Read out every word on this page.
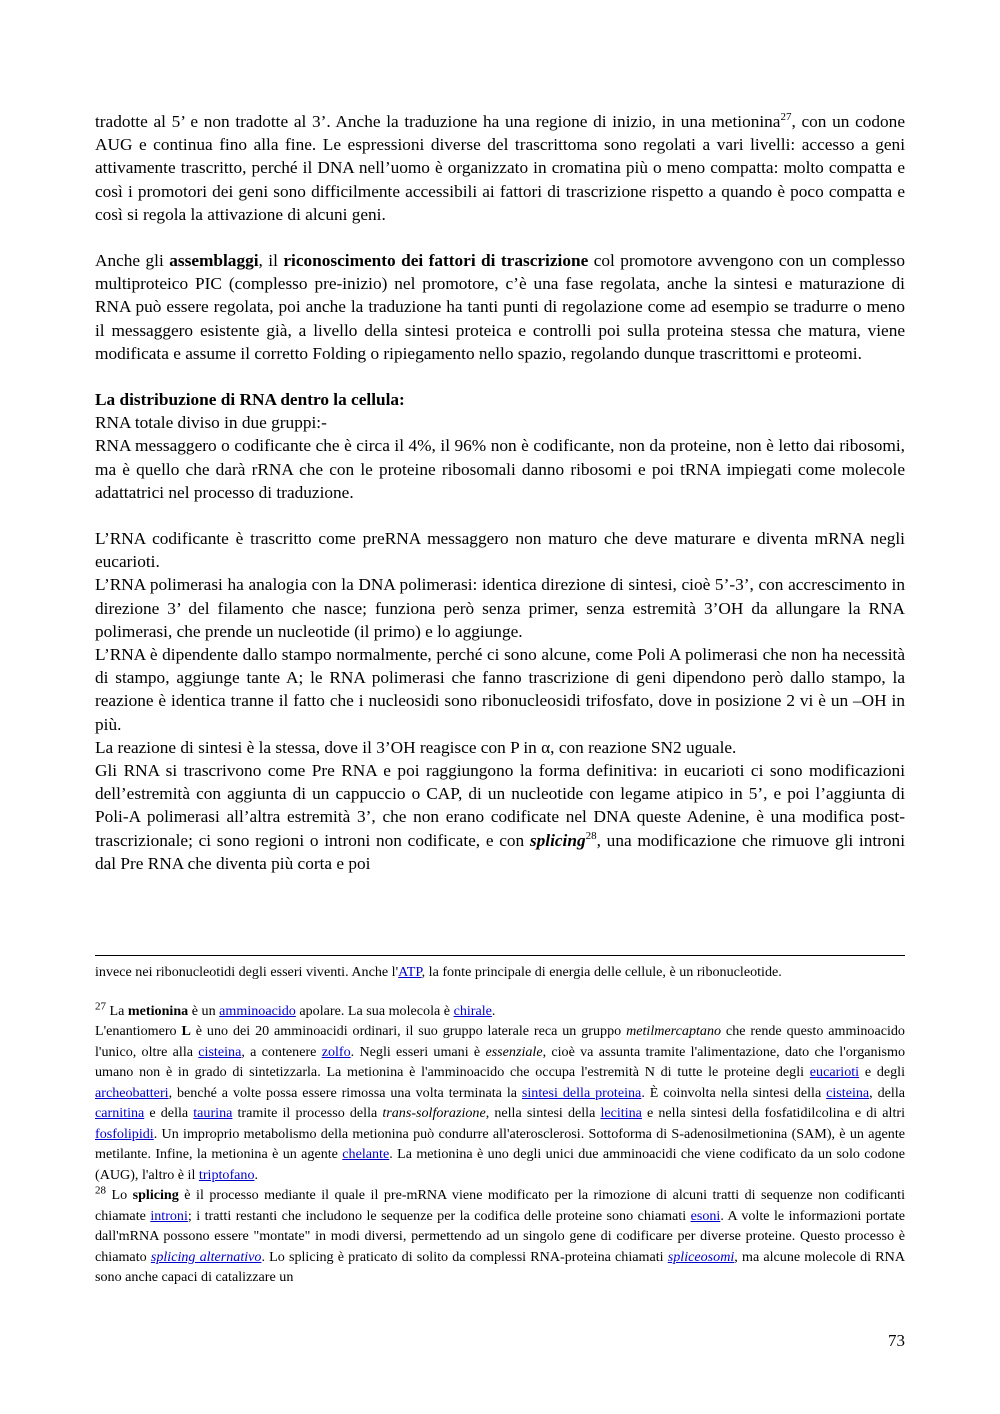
tradotte al 5’ e non tradotte al 3’. Anche la traduzione ha una regione di inizio, in una metionina$^{27}$, con un codone AUG e continua fino alla fine. Le espressioni diverse del trascrittoma sono regolati a vari livelli: accesso a geni attivamente trascritto, perché il DNA nell’uomo è organizzato in cromatina più o meno compatta: molto compatta e così i promotori dei geni sono difficilmente accessibili ai fattori di trascrizione rispetto a quando è poco compatta e così si regola la attivazione di alcuni geni.

Anche gli assemblaggi, il riconoscimento dei fattori di trascrizione col promotore avvengono con un complesso multiproteico PIC (complesso pre-inizio) nel promotore, c’è una fase regolata, anche la sintesi e maturazione di RNA può essere regolata, poi anche la traduzione ha tanti punti di regolazione come ad esempio se tradurre o meno il messaggero esistente già, a livello della sintesi proteica e controlli poi sulla proteina stessa che matura, viene modificata e assume il corretto Folding o ripiegamento nello spazio, regolando dunque trascrittomi e proteomi.

La distribuzione di RNA dentro la cellula:

RNA totale diviso in due gruppi:-

RNA messaggero o codificante che è circa il 4%, il 96% non è codificante, non da proteine, non è letto dai ribosomi, ma è quello che darà rRNA che con le proteine ribosomali danno ribosomi e poi tRNA impiegati come molecole adattatrici nel processo di traduzione.

L’RNA codificante è trascritto come preRNA messaggero non maturo che deve maturare e diventa mRNA negli eucarioti.

L’RNA polimerasi ha analogia con la DNA polimerasi: identica direzione di sintesi, cioè 5’-3’, con accrescimento in direzione 3’ del filamento che nasce; funziona però senza primer, senza estremità 3’OH da allungare la RNA polimerasi, che prende un nucleotide (il primo) e lo aggiunge.

L’RNA è dipendente dallo stampo normalmente, perché ci sono alcune, come Poli A polimerasi che non ha necessità di stampo, aggiunge tante A; le RNA polimerasi che fanno trascrizione di geni dipendono però dallo stampo, la reazione è identica tranne il fatto che i nucleosidi sono ribonucleosidi trifosfato, dove in posizione 2 vi è un –OH in più.

La reazione di sintesi è la stessa, dove il 3’OH reagisce con P in α, con reazione SN2 uguale.

Gli RNA si trascrivono come Pre RNA e poi raggiungono la forma definitiva: in eucarioti ci sono modificazioni dell’estremità con aggiunta di un cappuccio o CAP, di un nucleotide con legame atipico in 5’, e poi l’aggiunta di Poli-A polimerasi all’altra estremità 3’, che non erano codificate nel DNA queste Adenine, è una modifica post-trascrizionale; ci sono regioni o introni non codificate, e con splicing$^{28}$, una modificazione che rimuove gli introni dal Pre RNA che diventa più corta e poi

invece nei ribonucleotidi degli esseri viventi. Anche l'ATP, la fonte principale di energia delle cellule, è un ribonucleotide.

$^{27}$ La metionina è un amminoacido apolare. La sua molecola è chirale.

L'enantiomero L è uno dei 20 amminoacidi ordinari, il suo gruppo laterale reca un gruppo metilmercaptano che rende questo amminoacido l'unico, oltre alla cisteina, a contenere zolfo. Negli esseri umani è essenziale, cioè va assunta tramite l'alimentazione, dato che l'organismo umano non è in grado di sintetizzarla. La metionina è l'amminoacido che occupa l'estremità N di tutte le proteine degli eucarioti e degli archeobatteri, benché a volte possa essere rimossa una volta terminata la sintesi della proteina. È coinvolta nella sintesi della cisteina, della carnitina e della taurina tramite il processo della trans-solforazione, nella sintesi della lecitina e nella sintesi della fosfatidilcolina e di altri fosfolipidi. Un improprio metabolismo della metionina può condurre all'aterosclerosi. Sottoforma di S-adenosilmetionina (SAM), è un agente metilante. Infine, la metionina è un agente chelante. La metionina è uno degli unici due amminoacidi che viene codificato da un solo codone (AUG), l'altro è il triptofano.

$^{28}$ Lo splicing è il processo mediante il quale il pre-mRNA viene modificato per la rimozione di alcuni tratti di sequenze non codificanti chiamate introni; i tratti restanti che includono le sequenze per la codifica delle proteine sono chiamati esoni. A volte le informazioni portate dall'mRNA possono essere "montate" in modi diversi, permettendo ad un singolo gene di codificare per diverse proteine. Questo processo è chiamato splicing alternativo. Lo splicing è praticato di solito da complessi RNA-proteina chiamati spliceosomi, ma alcune molecole di RNA sono anche capaci di catalizzare un

73
